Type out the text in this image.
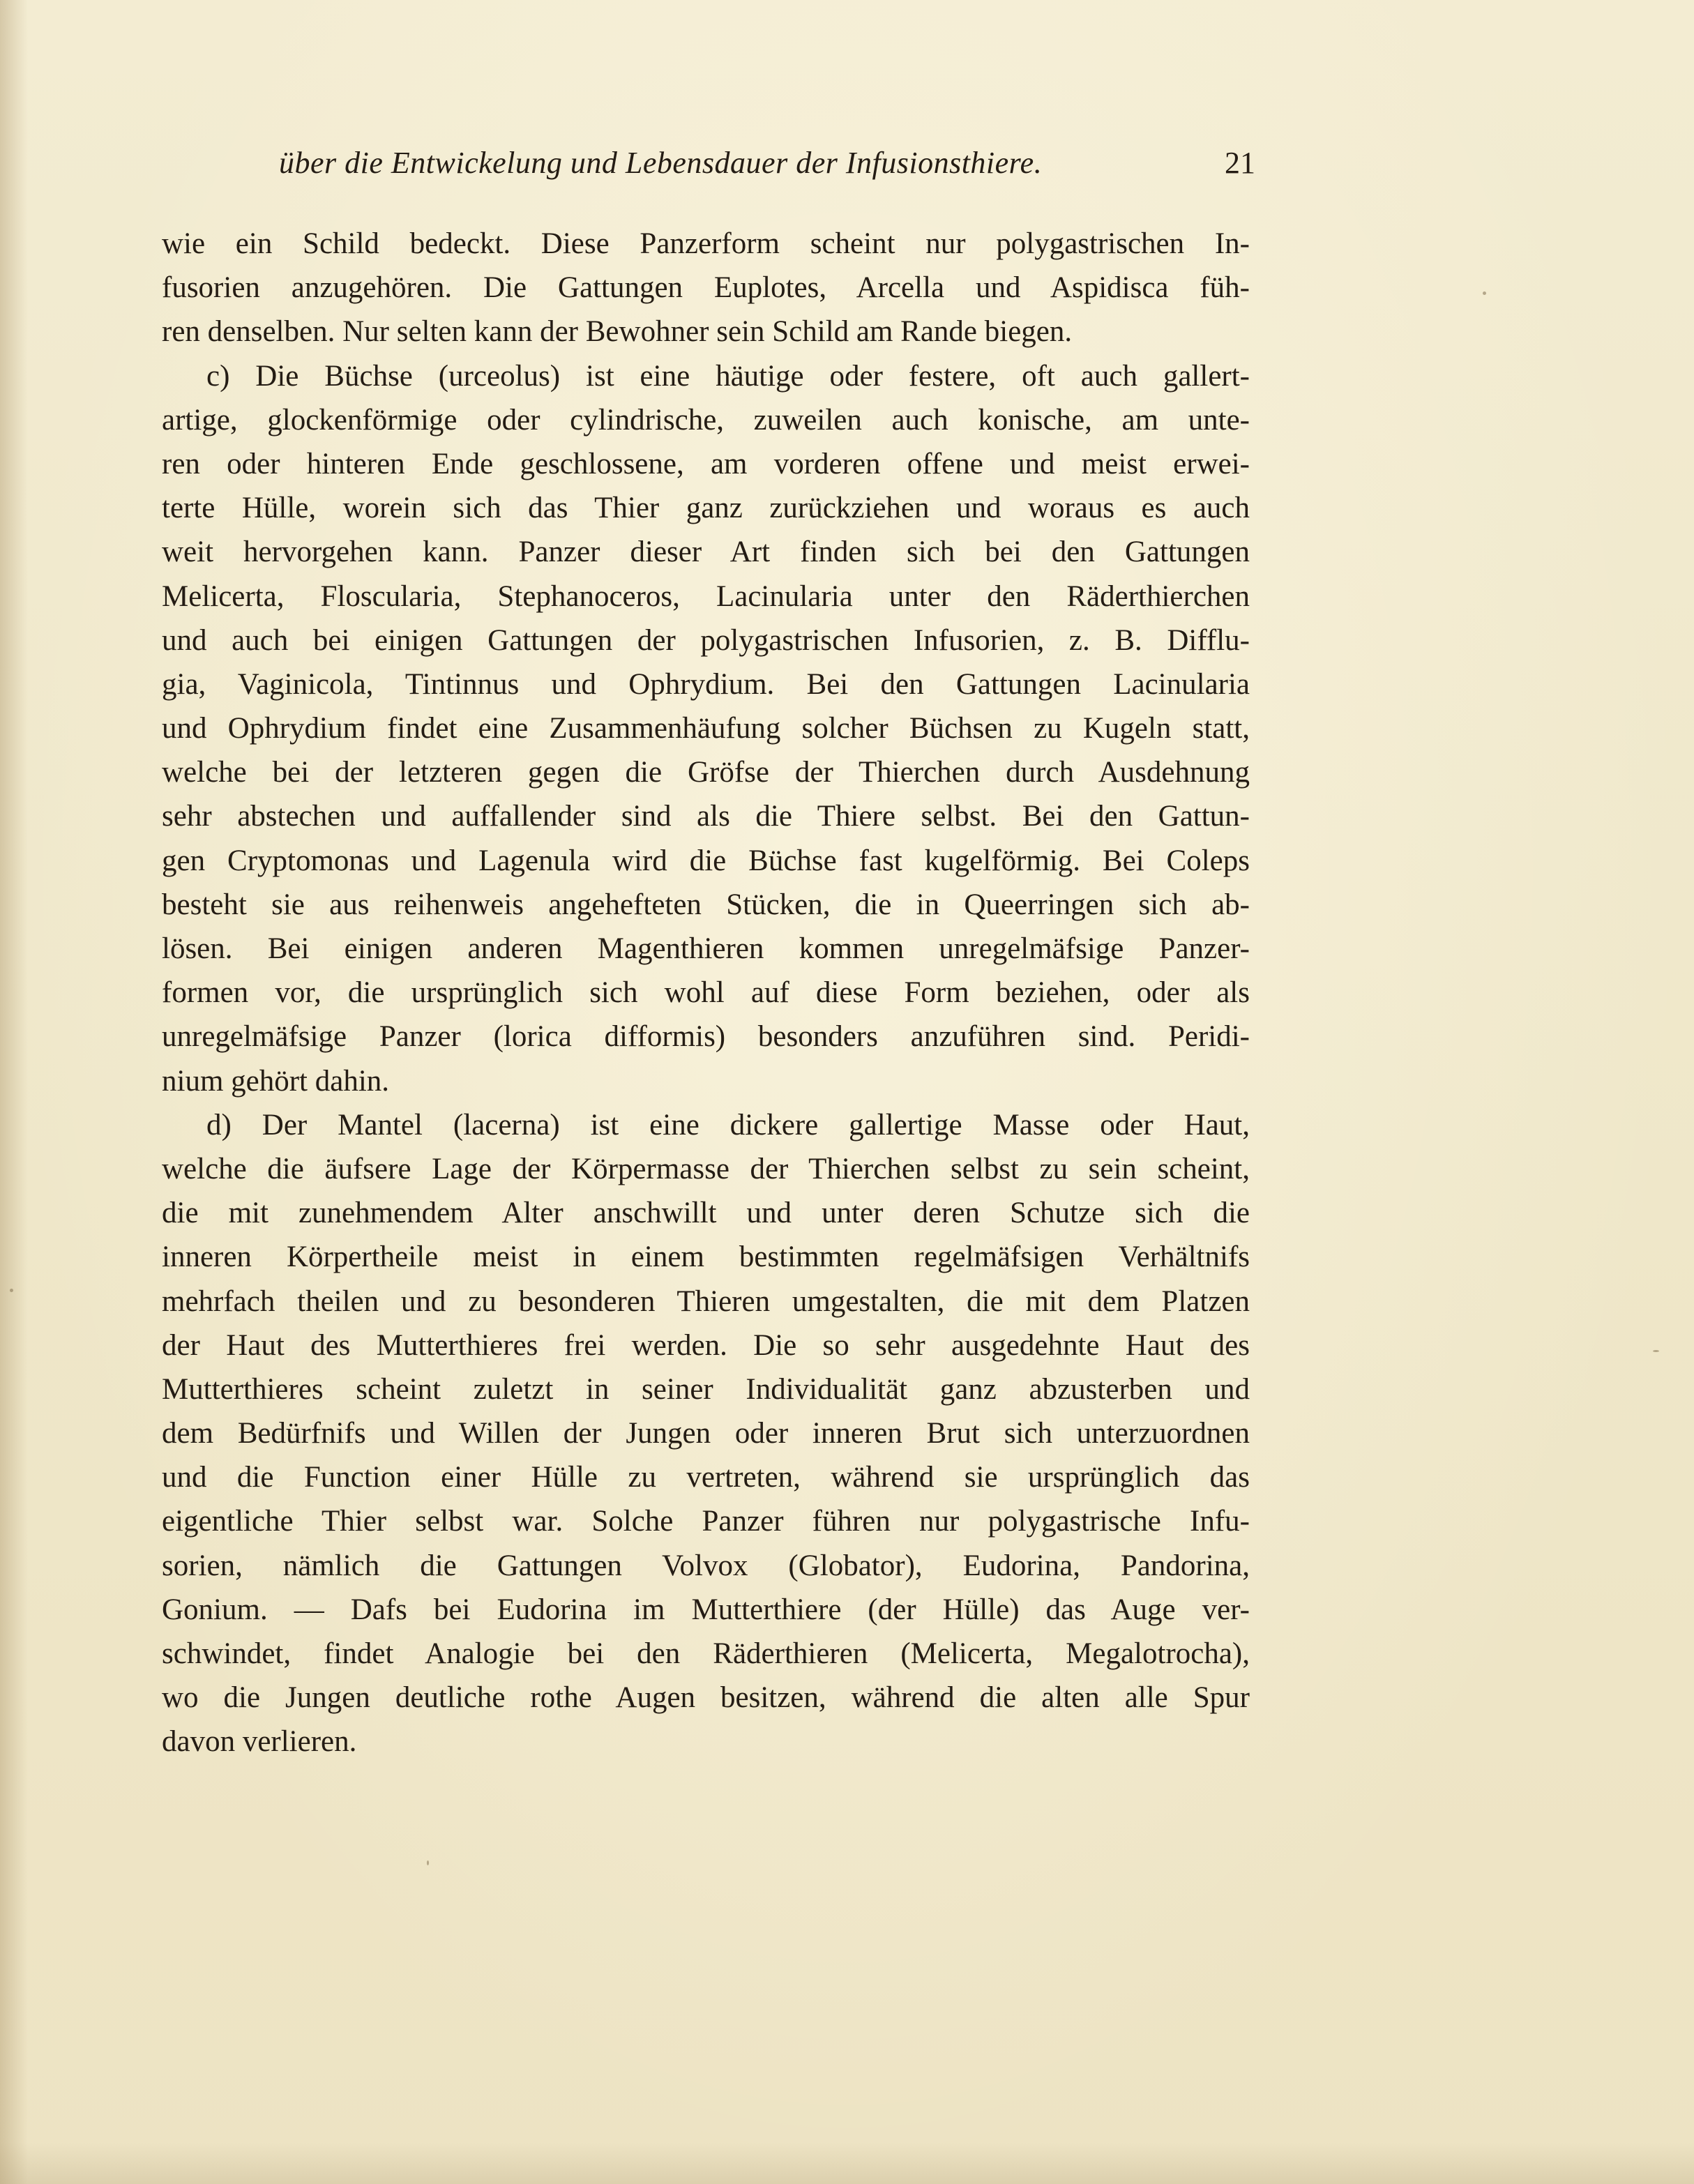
über die Entwickelung und Lebensdauer der Infusionsthiere.	21
wie ein Schild bedeckt. Diese Panzerform scheint nur polygastrischen In-
fusorien anzugehören. Die Gattungen Euplotes, Arcella und Aspidisca füh-
ren denselben. Nur selten kann der Bewohner sein Schild am Rande biegen.
c) Die Büchse (urceolus) ist eine häutige oder festere, oft auch gallert-
artige, glockenförmige oder cylindrische, zuweilen auch konische, am unte-
ren oder hinteren Ende geschlossene, am vorderen offene und meist erwei-
terte Hülle, worein sich das Thier ganz zurückziehen und woraus es auch
weit hervorgehen kann. Panzer dieser Art finden sich bei den Gattungen
Melicerta, Floscularia, Stephanoceros, Lacinularia unter den Räderthierchen
und auch bei einigen Gattungen der polygastrischen Infusorien, z. B. Difflu-
gia, Vaginicola, Tintinnus und Ophrydium. Bei den Gattungen Lacinularia
und Ophrydium findet eine Zusammenhäufung solcher Büchsen zu Kugeln statt,
welche bei der letzteren gegen die Gröfse der Thierchen durch Ausdehnung
sehr abstechen und auffallender sind als die Thiere selbst. Bei den Gattun-
gen Cryptomonas und Lagenula wird die Büchse fast kugelförmig. Bei Coleps
besteht sie aus reihenweis angehefteten Stücken, die in Queerringen sich ab-
lösen. Bei einigen anderen Magenthieren kommen unregelmäfsige Panzer-
formen vor, die ursprünglich sich wohl auf diese Form beziehen, oder als
unregelmäfsige Panzer (lorica difformis) besonders anzuführen sind. Peridi-
nium gehört dahin.
d) Der Mantel (lacerna) ist eine dickere gallertige Masse oder Haut,
welche die äufsere Lage der Körpermasse der Thierchen selbst zu sein scheint,
die mit zunehmendem Alter anschwillt und unter deren Schutze sich die
inneren Körpertheile meist in einem bestimmten regelmäfsigen Verhältnifs
mehrfach theilen und zu besonderen Thieren umgestalten, die mit dem Platzen
der Haut des Mutterthieres frei werden. Die so sehr ausgedehnte Haut des
Mutterthieres scheint zuletzt in seiner Individualität ganz abzusterben und
dem Bedürfnifs und Willen der Jungen oder inneren Brut sich unterzuordnen
und die Function einer Hülle zu vertreten, während sie ursprünglich das
eigentliche Thier selbst war. Solche Panzer führen nur polygastrische Infu-
sorien, nämlich die Gattungen Volvox (Globator), Eudorina, Pandorina,
Gonium. — Dafs bei Eudorina im Mutterthiere (der Hülle) das Auge ver-
schwindet, findet Analogie bei den Räderthieren (Melicerta, Megalotrocha),
wo die Jungen deutliche rothe Augen besitzen, während die alten alle Spur
davon verlieren.
